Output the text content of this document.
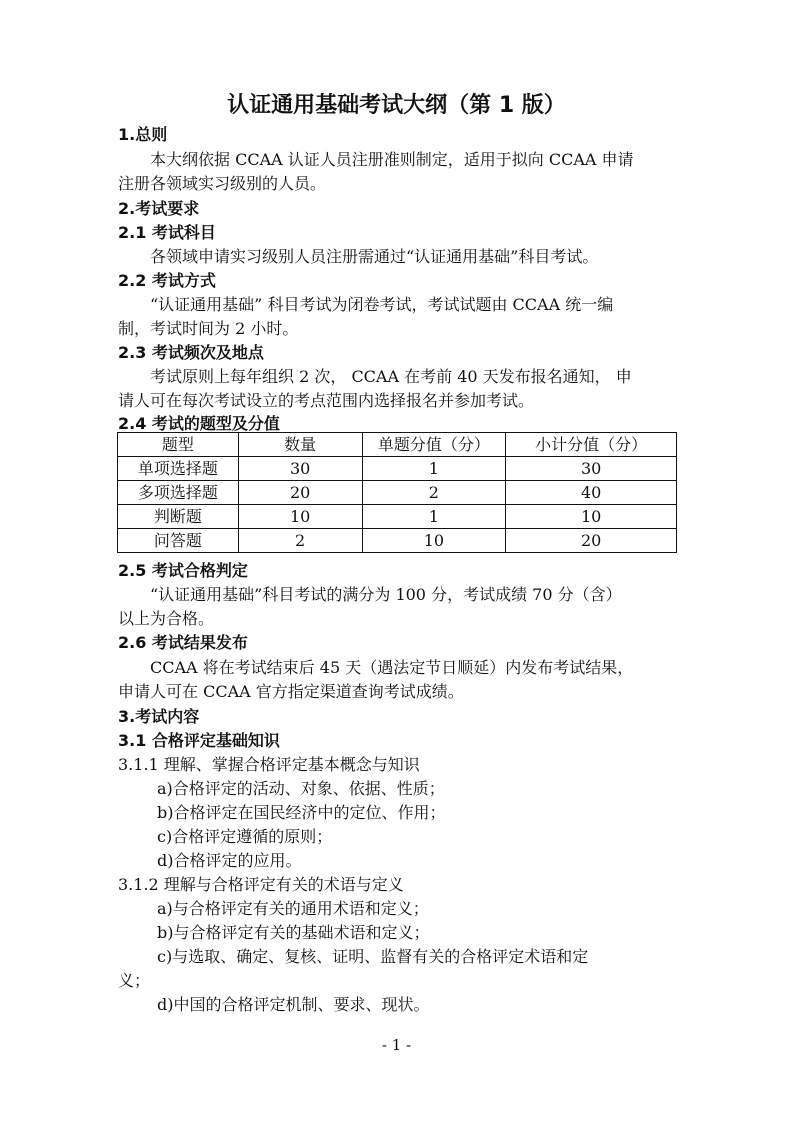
认证通用基础考试大纲（第 1 版）
1.总则
本大纲依据 CCAA 认证人员注册准则制定，适用于拟向 CCAA 申请
注册各领域实习级别的人员。
2.考试要求
2.1 考试科目
各领域申请实习级别人员注册需通过“认证通用基础”科目考试。
2.2 考试方式
“认证通用基础” 科目考试为闭卷考试，考试试题由 CCAA 统一编
制，考试时间为 2 小时。
2.3 考试频次及地点
考试原则上每年组织 2 次， CCAA 在考前 40 天发布报名通知， 申
请人可在每次考试设立的考点范围内选择报名并参加考试。
2.4 考试的题型及分值
题型	数量	单题分值（分）	小计分值（分）
单项选择题	30	1	30
多项选择题	20	2	40
判断题	10	1	10
问答题	2	10	20
2.5 考试合格判定
“认证通用基础”科目考试的满分为 100 分，考试成绩 70 分（含）
以上为合格。
2.6 考试结果发布
CCAA 将在考试结束后 45 天（遇法定节日顺延）内发布考试结果，
申请人可在 CCAA 官方指定渠道查询考试成绩。
3.考试内容
3.1 合格评定基础知识
3.1.1 理解、掌握合格评定基本概念与知识
a)合格评定的活动、对象、依据、性质；
b)合格评定在国民经济中的定位、作用；
c)合格评定遵循的原则；
d)合格评定的应用。
3.1.2 理解与合格评定有关的术语与定义
a)与合格评定有关的通用术语和定义；
b)与合格评定有关的基础术语和定义；
c)与选取、确定、复核、证明、监督有关的合格评定术语和定
义；
d)中国的合格评定机制、要求、现状。
- 1 -
